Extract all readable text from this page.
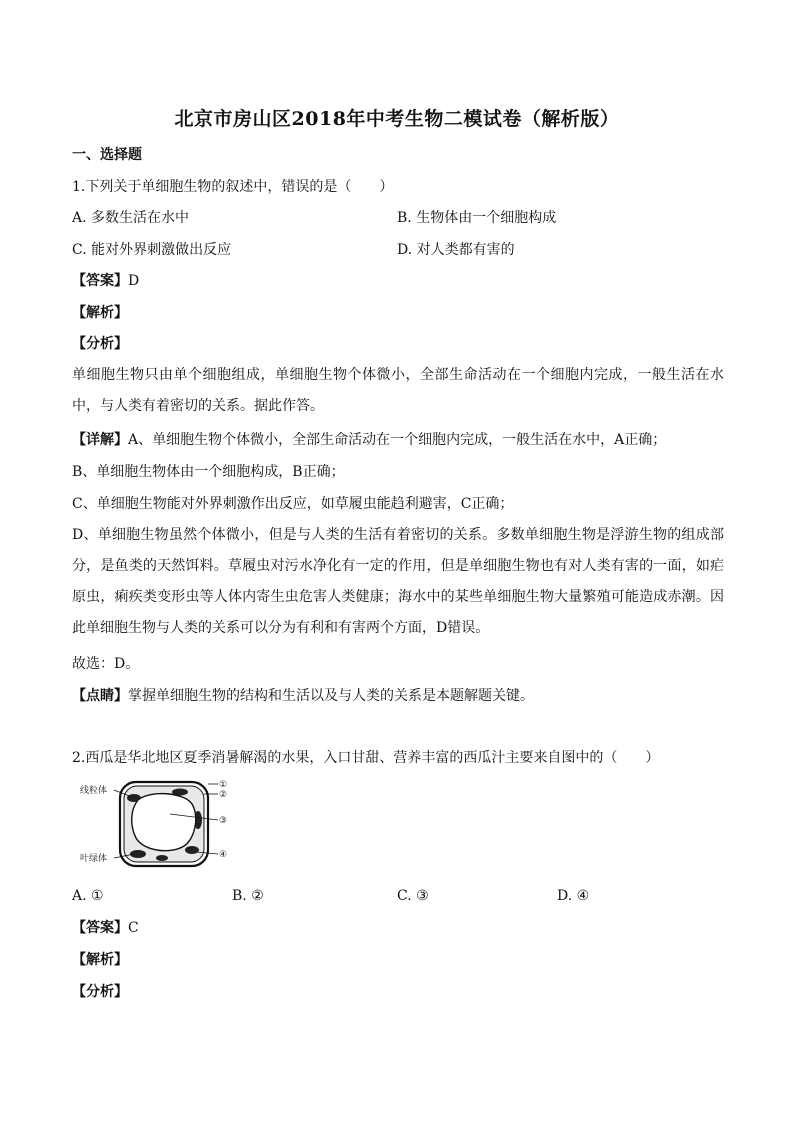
北京市房山区2018年中考生物二模试卷（解析版）
一、选择题
1.下列关于单细胞生物的叙述中，错误的是（　　）
A. 多数生活在水中	B. 生物体由一个细胞构成
C. 能对外界刺激做出反应	D. 对人类都有害的
【答案】D
【解析】
【分析】
单细胞生物只由单个细胞组成，单细胞生物个体微小，全部生命活动在一个细胞内完成，一般生活在水中，与人类有着密切的关系。据此作答。
【详解】A、单细胞生物个体微小，全部生命活动在一个细胞内完成，一般生活在水中，A正确；
B、单细胞生物体由一个细胞构成，B正确；
C、单细胞生物能对外界刺激作出反应，如草履虫能趋利避害，C正确；
D、单细胞生物虽然个体微小，但是与人类的生活有着密切的关系。多数单细胞生物是浮游生物的组成部分，是鱼类的天然饵料。草履虫对污水净化有一定的作用，但是单细胞生物也有对人类有害的一面，如疟原虫，痢疾类变形虫等人体内寄生虫危害人类健康；海水中的某些单细胞生物大量繁殖可能造成赤潮。因此单细胞生物与人类的关系可以分为有利和有害两个方面，D错误。
故选：D。
【点睛】掌握单细胞生物的结构和生活以及与人类的关系是本题解题关键。
2.西瓜是华北地区夏季消暑解渴的水果，入口甘甜、营养丰富的西瓜汁主要来自图中的（　　）
线粒体
叶绿体
①
②
③
④
A. ①	B. ②	C. ③	D. ④
【答案】C
【解析】
【分析】
